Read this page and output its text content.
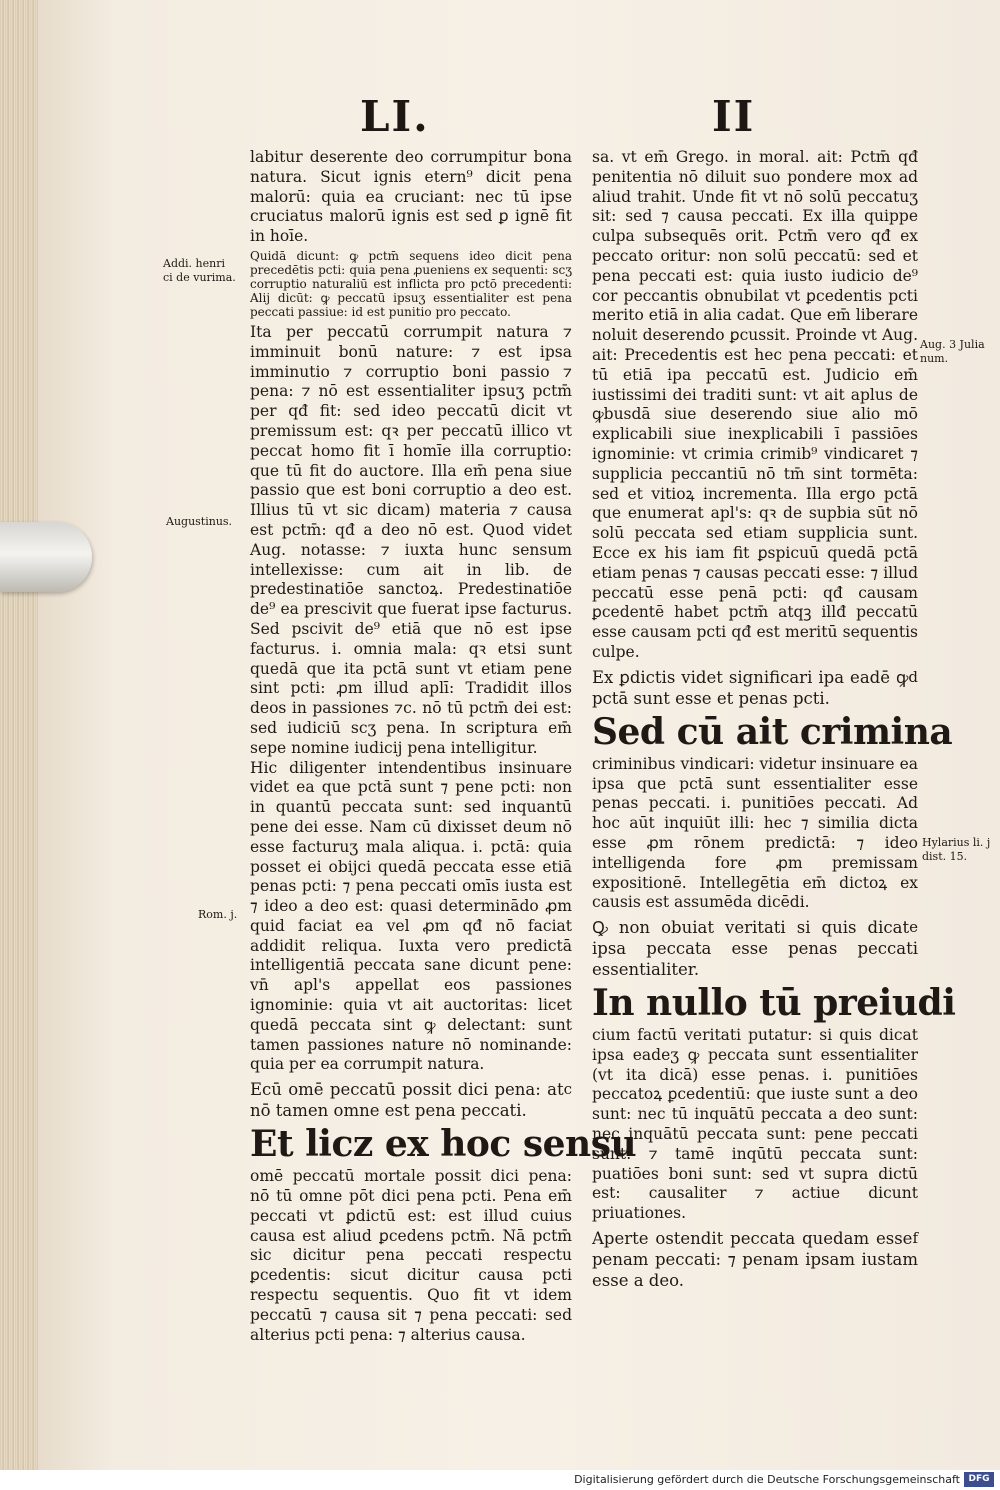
LI.	II
Addi. henri
ci de vurima.
Augustinus.
Rom. j.
Aug. 3 Julia
num.
Hylarius li. j
dist. 15.

labitur deserente deo corrumpitur bona natura. Sicut ignis etern⁹ dicit pena malorū: quia ea cruciant: nec tū ipse cruciatus malorū ignis est sed ꝑ ignē fit in hoīe.

Quidā dicunt: ꝙ pctm̄ sequens ideo dicit pena precedētis pcti: quia pena ꝓueniens ex sequenti: scʒ corruptio naturaliū est inflicta pro pctō precedenti: Alij dicūt: ꝙ peccatū ipsuʒ essentialiter est pena peccati passiue: id est punitio pro peccato.

Ita per peccatū corrumpit natura ⁊ imminuit bonū nature: ⁊ est ipsa imminutio ⁊ corruptio boni passio ⁊ pena: ⁊ nō est essentialiter ipsuʒ pctm̄ per qđ fit: sed ideo peccatū dicit vt premissum est: qꝛ per peccatū illico vt peccat homo fit ī homīe illa corruptio: que tū fit do auctore. Illa em̄ pena siue passio que est boni corruptio a deo est. Illius tū vt sic dicam) materia ⁊ causa est pctm̄: qđ a deo nō est. Quod videt Aug. notasse: ⁊ iuxta hunc sensum intellexisse: cum ait in lib. de predestinatiōe sanctoꝝ. Predestinatiōe de⁹ ea prescivit que fuerat ipse facturus. Sed pscivit de⁹ etiā que nō est ipse facturus. i. omnia mala: qꝛ etsi sunt quedā que ita pctā sunt vt etiam pene sint pcti: ꝓm illud aplī: Tradidit illos deos in passiones ⁊c. nō tū pctm̄ dei est: sed iudiciū scʒ pena. In scriptura em̄ sepe nomine iudicij pena intelligitur.

Hic diligenter intendentibus insinuare videt ea que pctā sunt ⁊ pene pcti: non in quantū peccata sunt: sed inquantū pene dei esse. Nam cū dixisset deum nō esse facturuʒ mala aliqua. i. pctā: quia posset ei obijci quedā peccata esse etiā penas pcti: ⁊ pena peccati omīs iusta est ⁊ ideo a deo est: quasi determinādo ꝓm quid faciat ea vel ꝓm qđ nō faciat addidit reliqua. Iuxta vero predictā intelligentiā peccata sane dicunt pene: vn̄ apl's appellat eos passiones ignominie: quia vt ait auctoritas: licet quedā peccata sint ꝙ delectant: sunt tamen passiones nature nō nominande: quia per ea corrumpit natura.

c
Ecū omē peccatū possit dici pena: at nō tamen omne est pena peccati.

Et licz ex hoc sensu

omē peccatū mortale possit dici pena: nō tū omne pōt dici pena pcti. Pena em̄ peccati vt ꝑdictū est: est illud cuius causa est aliud ꝑcedens pctm̄. Nā pctm̄ sic dicitur pena peccati respectu ꝑcedentis: sicut dicitur causa pcti respectu sequentis. Quo fit vt idem peccatū ⁊ causa sit ⁊ pena peccati: sed alterius pcti pena: ⁊ alterius causa.

sa. vt em̄ Grego. in moral. ait: Pctm̄ qđ penitentia nō diluit suo pondere mox ad aliud trahit. Unde fit vt nō solū peccatuʒ sit: sed ⁊ causa peccati. Ex illa quippe culpa subsequēs orit. Pctm̄ vero qđ ex peccato oritur: non solū peccatū: sed et pena peccati est: quia iusto iudicio de⁹ cor peccantis obnubilat vt ꝑcedentis pcti merito etiā in alia cadat. Que em̄ liberare noluit deserendo ꝑcussit. Proinde vt Aug. ait: Precedentis est hec pena peccati: et tū etiā ipa peccatū est. Judicio em̄ iustissimi dei traditi sunt: vt ait aplus de ꝙbusdā siue deserendo siue alio mō explicabili siue inexplicabili ī passiōes ignominie: vt crimia crimib⁹ vindicaret ⁊ supplicia peccantiū nō tm̄ sint tormēta: sed et vitioꝝ incrementa. Illa ergo pctā que enumerat apl's: qꝛ de supbia sūt nō solū peccata sed etiam supplicia sunt. Ecce ex his iam fit ꝑspicuū quedā pctā etiam penas ⁊ causas peccati esse: ⁊ illud peccatū esse penā pcti: qđ causam ꝑcedentē habet pctm̄ atqꝫ illđ peccatū esse causam pcti qđ est meritū sequentis culpe.

d
Ex ꝑdictis videt significari ipa eadē ꝙ pctā sunt esse et penas pcti.

Sed cū ait crimina

criminibus vindicari: videtur insinuare ea ipsa que pctā sunt essentialiter esse penas peccati. i. punitiōes peccati. Ad hoc aūt inquiūt illi: hec ⁊ similia dicta esse ꝓm rōnem predictā: ⁊ ideo intelligenda fore ꝓm premissam expositionē. Intellegētia em̄ dictoꝝ ex causis est assumēda dicēdi.

e
Ꝙ non obuiat veritati si quis dicat ipsa peccata esse penas peccati essentialiter.

In nullo tū preiudi

cium factū veritati putatur: si quis dicat ipsa eadeʒ ꝙ peccata sunt essentialiter (vt ita dicā) esse penas. i. punitiōes peccatoꝝ ꝑcedentiū: que iuste sunt a deo sunt: nec tū inquātū peccata a deo sunt: nec inquātū peccata sunt: pene peccati sunt: ⁊ tamē inqūtū peccata sunt: puatiōes boni sunt: sed vt supra dictū est: causaliter ⁊ actiue dicunt priuationes.

f
Aperte ostendit peccata quedam esse penam peccati: ⁊ penam ipsam iustam esse a deo.

Digitalisierung gefördert durch die Deutsche Forschungsgemeinschaft DFG
